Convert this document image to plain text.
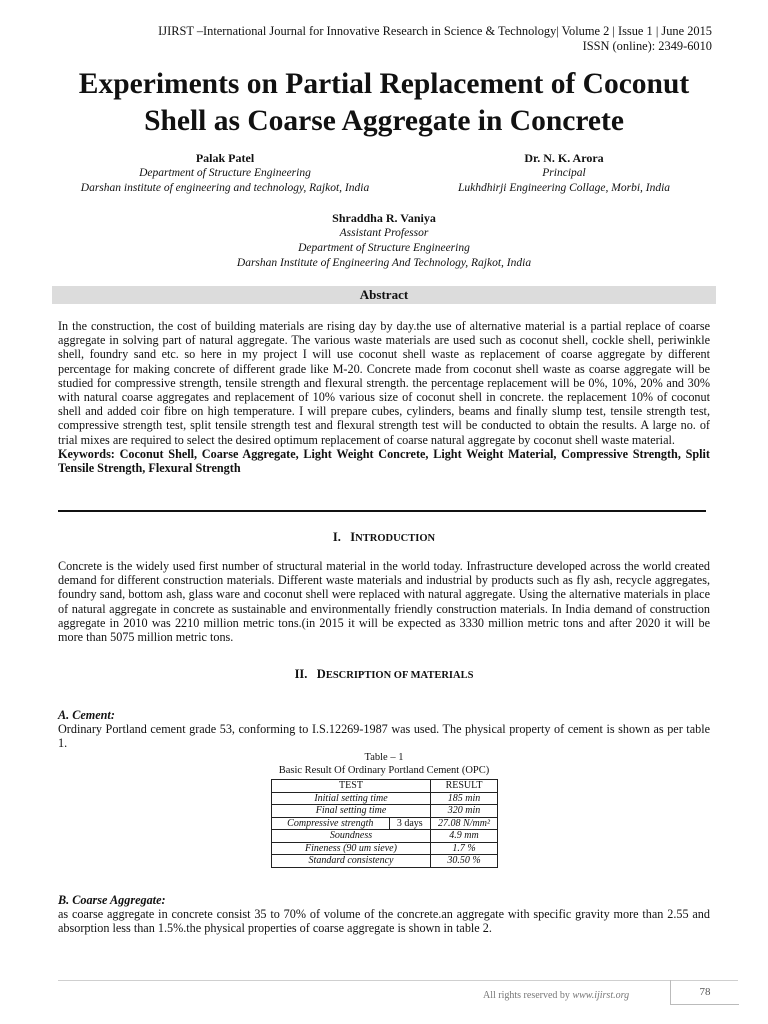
IJIRST –International Journal for Innovative Research in Science & Technology| Volume 2 | Issue 1 | June 2015
ISSN (online): 2349-6010
Experiments on Partial Replacement of Coconut
Shell as Coarse Aggregate in Concrete
Palak Patel
Department of Structure Engineering
Darshan institute of engineering and technology, Rajkot, India
Dr. N. K. Arora
Principal
Lukhdhirji Engineering Collage, Morbi, India
Shraddha R. Vaniya
Assistant Professor
Department of Structure Engineering
Darshan Institute of Engineering And Technology, Rajkot, India
Abstract
In the construction, the cost of building materials are rising day by day.the use of alternative material is a partial replace of coarse aggregate in solving part of natural aggregate. The various waste materials are used such as coconut shell, cockle shell, periwinkle shell, foundry sand etc. so here in my project I will use coconut shell waste as replacement of coarse aggregate by different percentage for making concrete of different grade like M-20. Concrete made from coconut shell waste as coarse aggregate will be studied for compressive strength, tensile strength and flexural strength. the percentage replacement will be 0%, 10%, 20% and 30% with natural coarse aggregates and replacement of 10% various size of coconut shell in concrete. the replacement 10% of coconut shell and added coir fibre on high temperature. I will prepare cubes, cylinders, beams and finally slump test, tensile strength test, compressive strength test, split tensile strength test and flexural strength test will be conducted to obtain the results. A large no. of trial mixes are required to select the desired optimum replacement of coarse natural aggregate by coconut shell waste material.
Keywords: Coconut Shell, Coarse Aggregate, Light Weight Concrete, Light Weight Material, Compressive Strength, Split Tensile Strength, Flexural Strength
I. INTRODUCTION
Concrete is the widely used first number of structural material in the world today. Infrastructure developed across the world created demand for different construction materials. Different waste materials and industrial by products such as fly ash, recycle aggregates, foundry sand, bottom ash, glass ware and coconut shell were replaced with natural aggregate. Using the alternative materials in place of natural aggregate in concrete as sustainable and environmentally friendly construction materials. In India demand of construction aggregate in 2010 was 2210 million metric tons.(in 2015 it will be expected as 3330 million metric tons and after 2020 it will be more than 5075 million metric tons.
II. DESCRIPTION OF MATERIALS
A. Cement:
Ordinary Portland cement grade 53, conforming to I.S.12269-1987 was used. The physical property of cement is shown as per table 1.
Table – 1
Basic Result Of Ordinary Portland Cement (OPC)
TEST		RESULT
Initial setting time		185 min
Final setting time		320 min
Compressive strength	3 days	27.08 N/mm²
Soundness		4.9 mm
Fineness (90 um sieve)		1.7 %
Standard consistency		30.50 %
B. Coarse Aggregate:
as coarse aggregate in concrete consist 35 to 70% of volume of the concrete.an aggregate with specific gravity more than 2.55 and absorption less than 1.5%.the physical properties of coarse aggregate is shown in table 2.
All rights reserved by www.ijirst.org	78
